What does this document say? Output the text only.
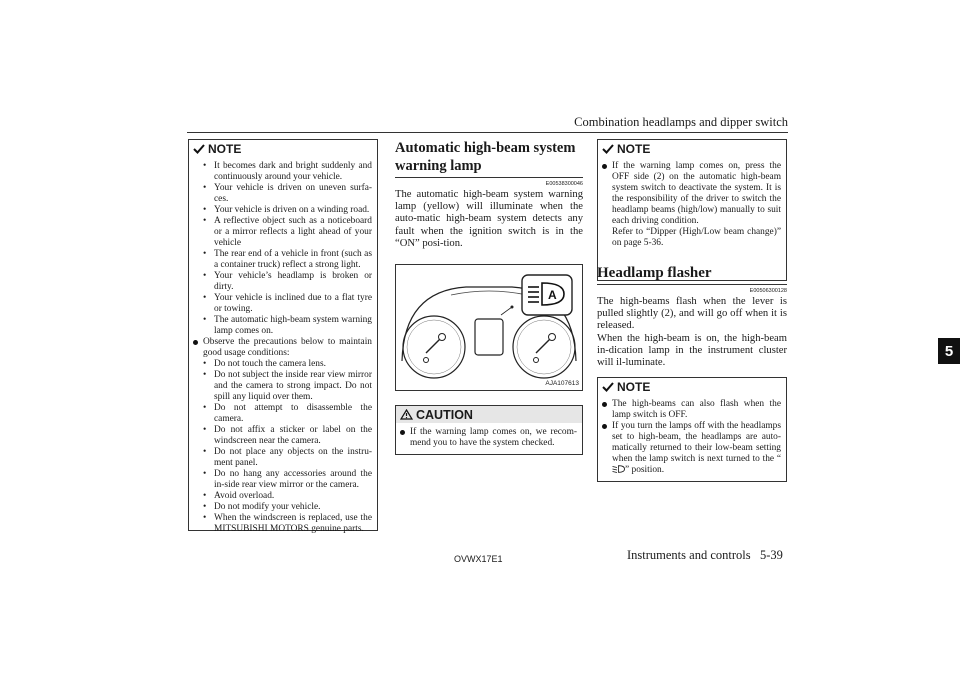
Combination headlamps and dipper switch
5
NOTE
• It becomes dark and bright suddenly and continuously around your vehicle.
• Your vehicle is driven on uneven surfa-ces.
• Your vehicle is driven on a winding road.
• A reflective object such as a noticeboard or a mirror reflects a light ahead of your vehicle
• The rear end of a vehicle in front (such as a container truck) reflect a strong light.
• Your vehicle’s headlamp is broken or dirty.
• Your vehicle is inclined due to a flat tyre or towing.
• The automatic high-beam system warning lamp comes on.
Observe the precautions below to maintain good usage conditions:
• Do not touch the camera lens.
• Do not subject the inside rear view mirror and the camera to strong impact. Do not spill any liquid over them.
• Do not attempt to disassemble the camera.
• Do not affix a sticker or label on the windscreen near the camera.
• Do not place any objects on the instru-ment panel.
• Do no hang any accessories around the in-side rear view mirror or the camera.
• Avoid overload.
• Do not modify your vehicle.
• When the windscreen is replaced, use the MITSUBISHI MOTORS genuine parts.
Automatic high-beam system
warning lamp
E00538300046
The automatic high-beam system warning lamp (yellow) will illuminate when the auto-matic high-beam system detects any fault when the ignition switch is in the “ON” posi-tion.
A
AJA107613
CAUTION
If the warning lamp comes on, we recom-mend you to have the system checked.
NOTE
If the warning lamp comes on, press the OFF side (2) on the automatic high-beam system switch to deactivate the system. It is the responsibility of the driver to switch the headlamp beams (high/low) manually to suit each driving condition.
Refer to “Dipper (High/Low beam change)” on page 5-36.
Headlamp flasher
E00506300128
The high-beams flash when the lever is pulled slightly (2), and will go off when it is released.
When the high-beam is on, the high-beam in-dication lamp in the instrument cluster will il-luminate.
NOTE
The high-beams can also flash when the lamp switch is OFF.
If you turn the lamps off with the headlamps set to high-beam, the headlamps are auto-matically returned to their low-beam setting when the lamp switch is next turned to the “” position.
OVWX17E1	Instruments and controls 5-39
